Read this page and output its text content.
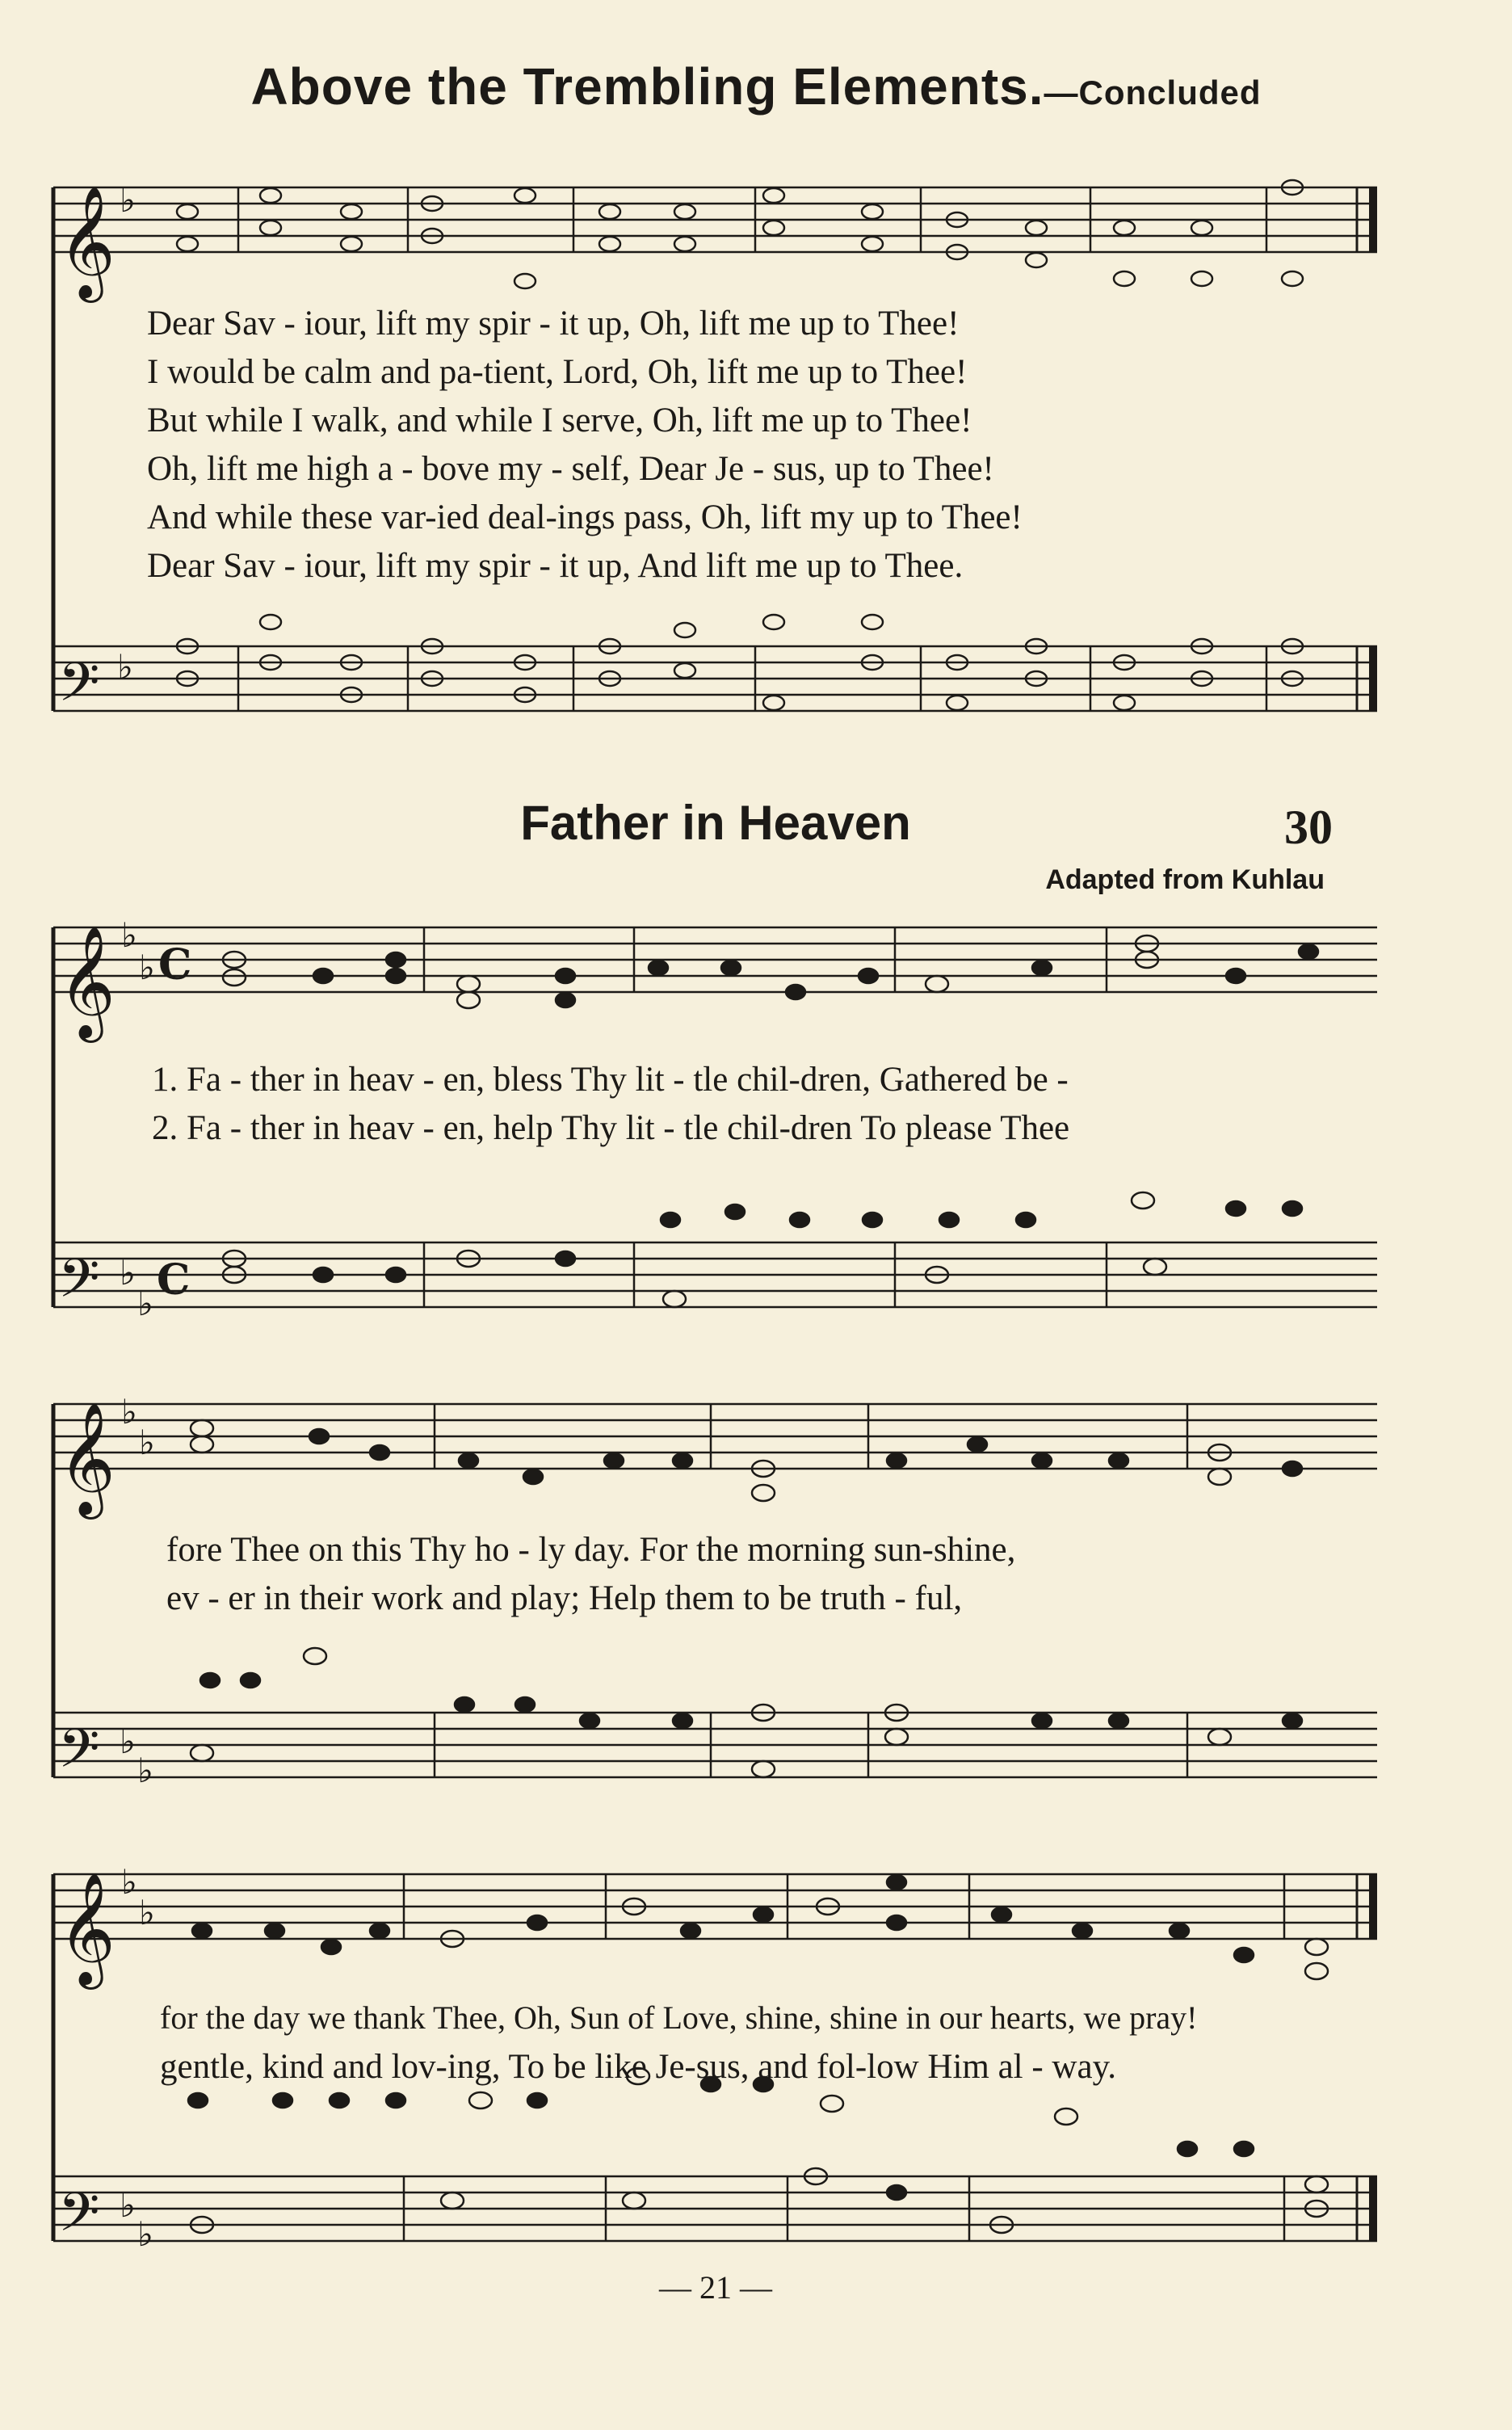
Above the Trembling Elements.—Concluded
𝄞
𝄢
𝄞
𝄢
𝄞
𝄢
𝄞
𝄢
♭
♭
♭
♭ C
♭
♭ C
♭
♭
♭
♭
♭
♭
♭
♭
Dear Sav - iour, lift my spir - it up, Oh, lift me up to Thee!
I would be calm and pa-tient, Lord, Oh, lift me up to Thee!
But while I walk, and while I serve, Oh, lift me up to Thee!
Oh, lift me high a - bove my - self, Dear Je - sus, up to Thee!
And while these var-ied deal-ings pass, Oh, lift my up to Thee!
Dear Sav - iour, lift my spir - it up, And lift me up to Thee.
Father in Heaven	30
Adapted from Kuhlau
1. Fa - ther in heav - en, bless Thy lit - tle chil-dren, Gathered be -
2. Fa - ther in heav - en, help Thy lit - tle chil-dren To please Thee
fore Thee on this Thy ho - ly day. For the morning sun-shine,
ev - er in their work and play; Help them to be truth - ful,
for the day we thank Thee, Oh, Sun of Love, shine, shine in our hearts, we pray!
gentle, kind and lov-ing, To be like Je-sus, and fol-low Him al - way.
— 21 —
